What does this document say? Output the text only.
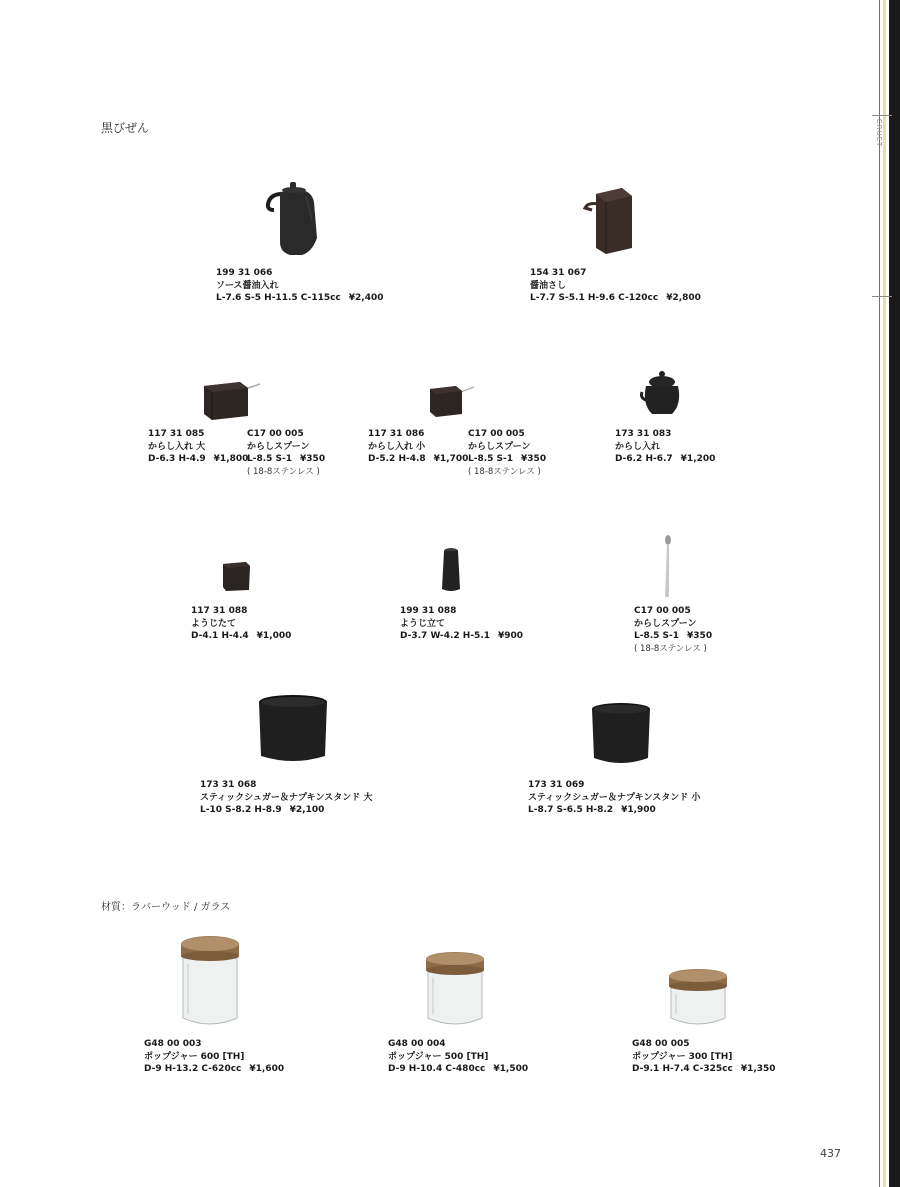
CRUET
黒びぜん
199 31 066
ソース醤油入れ
L-7.6 S-5 H-11.5 C-115cc ¥2,400
154 31 067
醤油さし
L-7.7 S-5.1 H-9.6 C-120cc ¥2,800
117 31 085
からし入れ 大
D-6.3 H-4.9 ¥1,800
C17 00 005
からしスプーン
L-8.5 S-1 ¥350
( 18-8ステンレス )
117 31 086
からし入れ 小
D-5.2 H-4.8 ¥1,700
C17 00 005
からしスプーン
L-8.5 S-1 ¥350
( 18-8ステンレス )
173 31 083
からし入れ
D-6.2 H-6.7 ¥1,200
117 31 088
ようじたて
D-4.1 H-4.4 ¥1,000
199 31 088
ようじ立て
D-3.7 W-4.2 H-5.1 ¥900
C17 00 005
からしスプーン
L-8.5 S-1 ¥350
( 18-8ステンレス )
173 31 068
スティックシュガー＆ナプキンスタンド 大
L-10 S-8.2 H-8.9 ¥2,100
173 31 069
スティックシュガー＆ナプキンスタンド 小
L-8.7 S-6.5 H-8.2 ¥1,900
材質：ラバーウッド / ガラス
G48 00 003
ポップジャー 600 [TH]
D-9 H-13.2 C-620cc ¥1,600
G48 00 004
ポップジャー 500 [TH]
D-9 H-10.4 C-480cc ¥1,500
G48 00 005
ポップジャー 300 [TH]
D-9.1 H-7.4 C-325cc ¥1,350
437
